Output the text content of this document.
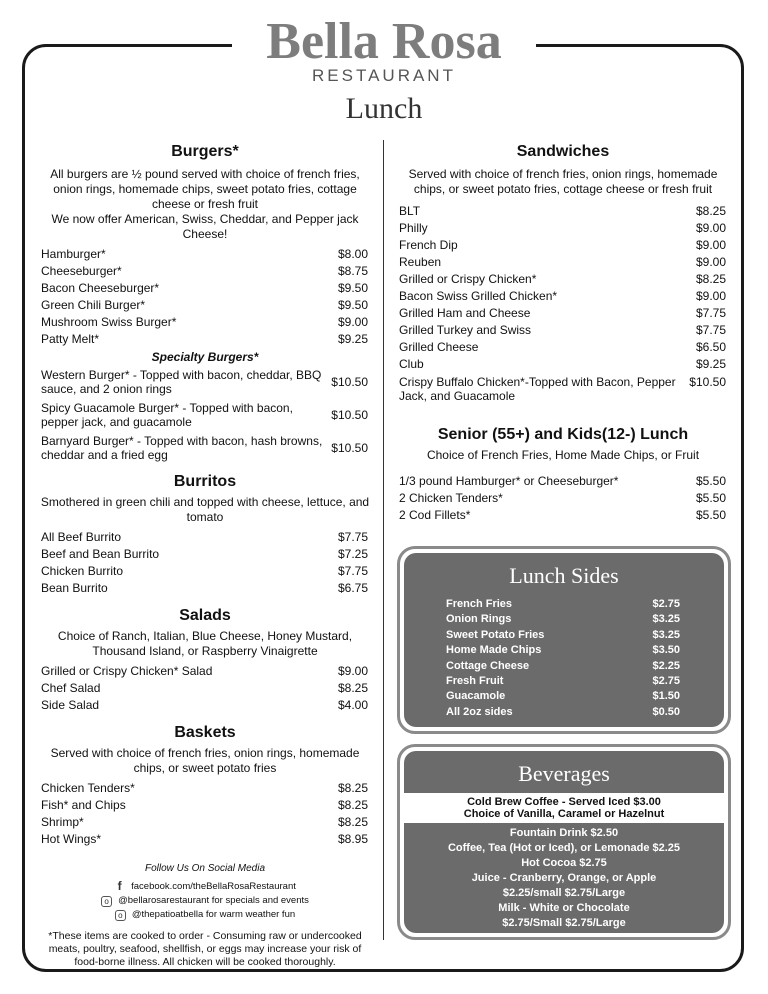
Bella Rosa
RESTAURANT
Lunch
Burgers*
All burgers are ½ pound served with choice of french fries, onion rings, homemade chips, sweet potato fries, cottage cheese or fresh fruit
We now offer American, Swiss, Cheddar, and Pepper jack Cheese!
Hamburger*	$8.00
Cheeseburger*	$8.75
Bacon Cheeseburger*	$9.50
Green Chili Burger*	$9.50
Mushroom Swiss Burger*	$9.00
Patty Melt*	$9.25
Specialty Burgers*
Western Burger* - Topped with bacon, cheddar, BBQ sauce, and 2 onion rings	$10.50
Spicy Guacamole Burger* - Topped with bacon, pepper jack, and guacamole	$10.50
Barnyard Burger* - Topped with bacon, hash browns, cheddar and a fried egg	$10.50
Burritos
Smothered in green chili and topped with cheese, lettuce, and tomato
All Beef Burrito	$7.75
Beef and Bean Burrito	$7.25
Chicken Burrito	$7.75
Bean Burrito	$6.75
Salads
Choice of Ranch, Italian, Blue Cheese, Honey Mustard, Thousand Island, or Raspberry Vinaigrette
Grilled or Crispy Chicken* Salad	$9.00
Chef Salad	$8.25
Side Salad	$4.00
Baskets
Served with choice of french fries, onion rings, homemade chips, or sweet potato fries
Chicken Tenders*	$8.25
Fish* and Chips	$8.25
Shrimp*	$8.25
Hot Wings*	$8.95
Follow Us On Social Media
f	facebook.com/theBellaRosaRestaurant
o @bellarosarestaurant for specials and events
o @thepatioatbella for warm weather fun
*These items are cooked to order - Consuming raw or undercooked meats, poultry, seafood, shellfish, or eggs may increase your risk of food-borne illness. All chicken will be cooked thoroughly.
Sandwiches
Served with choice of french fries, onion rings, homemade chips, or sweet potato fries, cottage cheese or fresh fruit
BLT	$8.25
Philly	$9.00
French Dip	$9.00
Reuben	$9.00
Grilled or Crispy Chicken*	$8.25
Bacon Swiss Grilled Chicken*	$9.00
Grilled Ham and Cheese	$7.75
Grilled Turkey and Swiss	$7.75
Grilled Cheese	$6.50
Club	$9.25
Crispy Buffalo Chicken*-Topped with Bacon, Pepper Jack, and Guacamole
$10.50
Senior (55+) and Kids(12-) Lunch
Choice of French Fries, Home Made Chips, or Fruit
1/3 pound Hamburger* or Cheeseburger*	$5.50
2 Chicken Tenders*	$5.50
2 Cod Fillets*	$5.50
Lunch Sides
French Fries	$2.75
Onion Rings	$3.25
Sweet Potato Fries	$3.25
Home Made Chips	$3.50
Cottage Cheese	$2.25
Fresh Fruit	$2.75
Guacamole	$1.50
All 2oz sides	$0.50
Beverages
Cold Brew Coffee - Served Iced $3.00
Choice of Vanilla, Caramel or Hazelnut
Fountain Drink $2.50
Coffee, Tea (Hot or Iced), or Lemonade $2.25
Hot Cocoa $2.75
Juice - Cranberry, Orange, or Apple
$2.25/small $2.75/Large
Milk - White or Chocolate
$2.75/Small $2.75/Large
